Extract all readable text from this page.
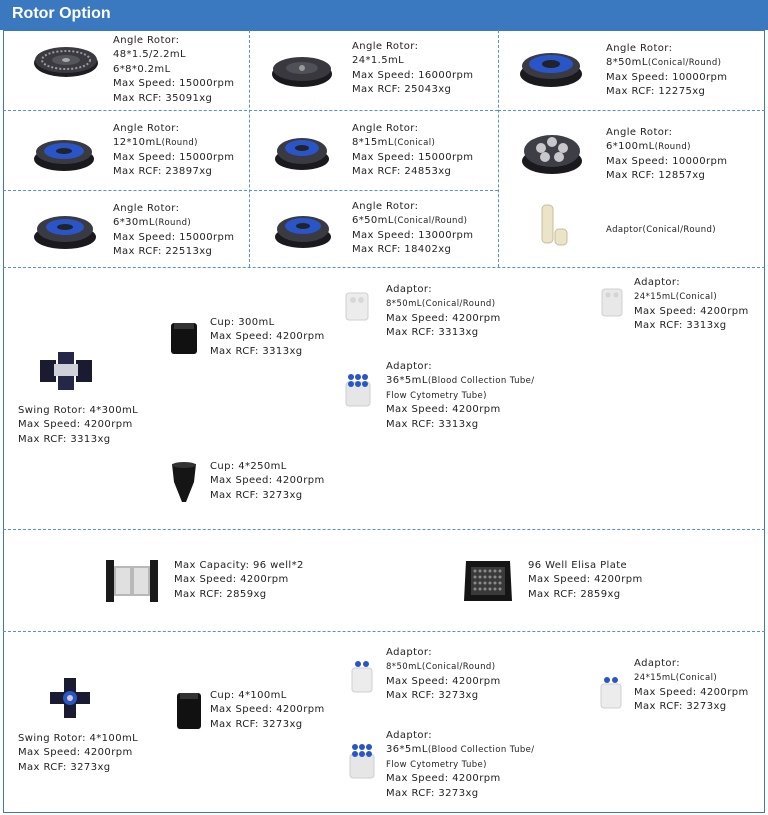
Rotor Option
Angle Rotor:
48*1.5/2.2mL
6*8*0.2mL
Max Speed: 15000rpm
Max RCF: 35091xg
Angle Rotor:
24*1.5mL
Max Speed: 16000rpm
Max RCF: 25043xg
Angle Rotor:
8*50mL(Conical/Round)
Max Speed: 10000rpm
Max RCF: 12275xg
Angle Rotor:
12*10mL(Round)
Max Speed: 15000rpm
Max RCF: 23897xg
Angle Rotor:
8*15mL(Conical)
Max Speed: 15000rpm
Max RCF: 24853xg
Angle Rotor:
6*100mL(Round)
Max Speed: 10000rpm
Max RCF: 12857xg
Angle Rotor:
6*30mL(Round)
Max Speed: 15000rpm
Max RCF: 22513xg
Angle Rotor:
6*50mL(Conical/Round)
Max Speed: 13000rpm
Max RCF: 18402xg
Adaptor(Conical/Round)
Swing Rotor: 4*300mL
Max Speed: 4200rpm
Max RCF: 3313xg
Cup: 300mL
Max Speed: 4200rpm
Max RCF: 3313xg
Cup: 4*250mL
Max Speed: 4200rpm
Max RCF: 3273xg
Adaptor:
8*50mL(Conical/Round)
Max Speed: 4200rpm
Max RCF: 3313xg
Adaptor:
36*5mL(Blood Collection Tube/
Flow Cytometry Tube)
Max Speed: 4200rpm
Max RCF: 3313xg
Adaptor:
24*15mL(Conical)
Max Speed: 4200rpm
Max RCF: 3313xg
Max Capacity: 96 well*2
Max Speed: 4200rpm
Max RCF: 2859xg
96 Well Elisa Plate
Max Speed: 4200rpm
Max RCF: 2859xg
Swing Rotor: 4*100mL
Max Speed: 4200rpm
Max RCF: 3273xg
Cup: 4*100mL
Max Speed: 4200rpm
Max RCF: 3273xg
Adaptor:
8*50mL(Conical/Round)
Max Speed: 4200rpm
Max RCF: 3273xg
Adaptor:
36*5mL(Blood Collection Tube/
Flow Cytometry Tube)
Max Speed: 4200rpm
Max RCF: 3273xg
Adaptor:
24*15mL(Conical)
Max Speed: 4200rpm
Max RCF: 3273xg
